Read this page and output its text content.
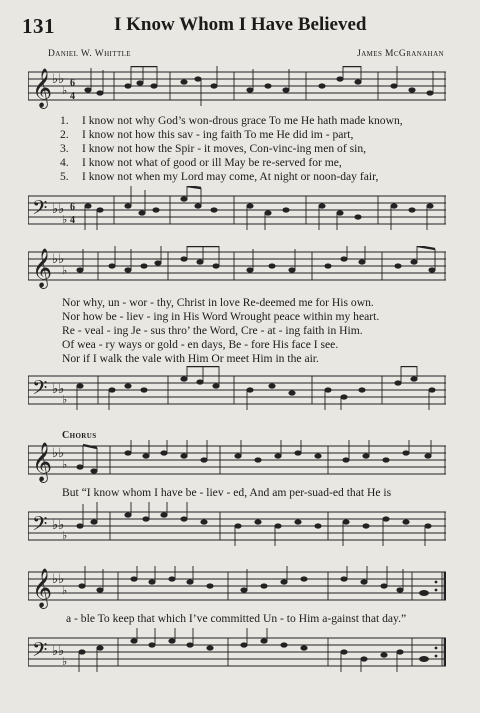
131	I Know Whom I Have Believed
Daniel W. Whittle	James McGranahan
𝄞 ♭♭
♭
6
4
1. I know not why God’s won-drous grace To me He hath made known,
2. I know not how this sav - ing faith To me He did im - part,
3. I know not how the Spir - it moves, Con-vinc-ing men of sin,
4. I know not what of good or ill May be re-served for me,
5. I know not when my Lord may come, At night or noon-day fair,
𝄢 ♭♭
♭
6
4
𝄞 ♭♭
♭
Nor why, un - wor - thy, Christ in love Re-deemed me for His own.
Nor how be - liev - ing in His Word Wrought peace within my heart.
Re - veal - ing Je - sus thro’ the Word, Cre - at - ing faith in Him.
Of wea - ry ways or gold - en days, Be - fore His face I see.
Nor if I walk the vale with Him Or meet Him in the air.
𝄢 ♭♭
♭
Chorus
𝄞 ♭♭
♭
But “I know whom I have be - liev - ed, And am per-suad-ed that He is
𝄢 ♭♭
♭
𝄞 ♭♭
♭
a - ble To keep that which I’ve committed Un - to Him a-gainst that day.”
𝄢 ♭♭
♭
